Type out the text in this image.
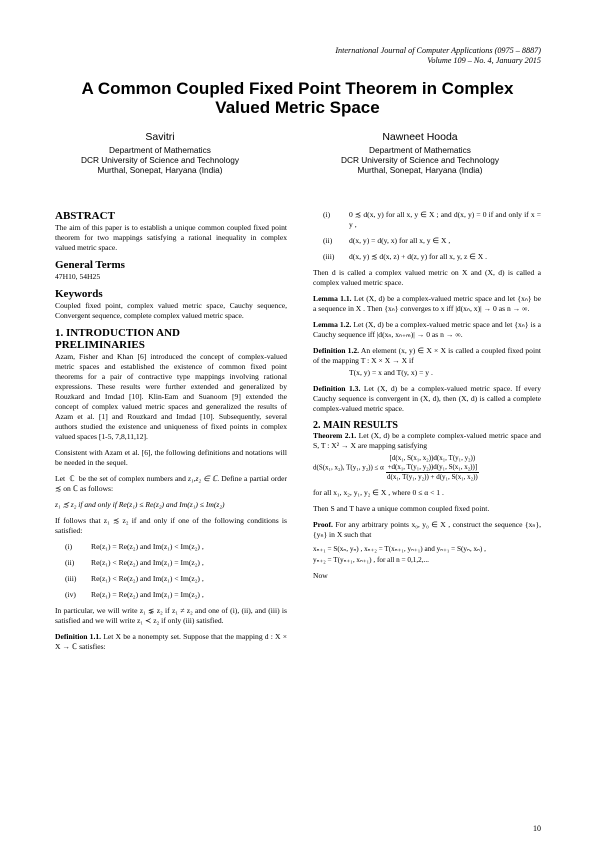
International Journal of Computer Applications (0975 – 8887)
Volume 109 – No. 4, January 2015
A Common Coupled Fixed Point Theorem in Complex
Valued Metric Space
Savitri
Department of Mathematics
DCR University of Science and Technology
Murthal, Sonepat, Haryana (India)
Nawneet Hooda
Department of Mathematics
DCR University of Science and Technology
Murthal, Sonepat, Haryana (India)
ABSTRACT

The aim of this paper is to establish a unique common coupled fixed point theorem for two mappings satisfying a rational inequality in complex valued metric space.

General Terms

47H10, 54H25

Keywords

Coupled fixed point, complex valued metric space, Cauchy sequence, Convergent sequence, complete complex valued metric space.

1. INTRODUCTION AND
PRELIMINARIES

Azam, Fisher and Khan [6] introduced the concept of complex-valued metric spaces and established the existence of common fixed point theorems for a pair of contractive type mappings involving rational expressions. These results were further extended and generalized by Rouzkard and Imdad [10]. Klin-Eam and Suanoom [9] extended the concept of complex valued metric spaces and generalized the results of Azam et al. [1] and Rouzkard and Imdad [10]. Subsequently, several authors studied the existence and uniqueness of fixed points in complex valued spaces [1-5, 7,8,11,12].

Consistent with Azam et al. [6], the following definitions and notations will be needed in the sequel.

Let  ℂ  be the set of complex numbers and z₁,z₂ ∈ ℂ. Define a partial order ≾ on ℂ as follows:

z₁ ≾ z₂ if and only if Re(z₁) ≤ Re(z₂) and Im(z₁) ≤ Im(z₂)

If follows that z₁ ≾ z₂ if and only if one of the following conditions is satisfied:

(i)	Re(z₁) = Re(z₂) and Im(z₁) < Im(z₂) ,
(ii)	Re(z₁) < Re(z₂) and Im(z₁) = Im(z₂) ,
(iii)	Re(z₁) < Re(z₂) and Im(z₁) < Im(z₂) ,
(iv)	Re(z₁) = Re(z₂) and Im(z₁) = Im(z₂) ,

In particular, we will write z₁ ⋦ z₂ if z₁ ≠ z₂ and one of (i), (ii), and (iii) is satisfied and we will write z₁ ≺ z₂ if only (iii) satisfied.

Definition 1.1. Let X be a nonempty set. Suppose that the mapping d : X × X → ℂ satisfies:

(i)	0 ≾ d(x, y) for all x, y ∈ X ; and d(x, y) = 0 if and only if x = y ,
(ii)	d(x, y) = d(y, x) for all x, y ∈ X ,
(iii)	d(x, y) ≾ d(x, z) + d(z, y) for all x, y, z ∈ X .

Then d is called a complex valued metric on X and (X, d) is called a complex valued metric space.

Lemma 1.1. Let (X, d) be a complex-valued metric space and let {xₙ} be a sequence in X . Then {xₙ} converges to x iff |d(xₙ, x)| → 0 as n → ∞.

Lemma 1.2. Let (X, d) be a complex-valued metric space and let {xₙ} is a Cauchy sequence iff |d(xₙ, xₙ₊ₘ)| → 0 as n → ∞.

Definition 1.2. An element (x, y) ∈ X × X is called a coupled fixed point of the mapping T : X × X → X if

T(x, y) = x and T(y, x) = y .

Definition 1.3. Let (X, d) be a complex-valued metric space. If every Cauchy sequence is convergent in (X, d), then (X, d) is called a complete complex-valued metric space.

2. MAIN RESULTS

Theorem 2.1. Let (X, d) be a complete complex-valued metric space and S, T : X² → X are mapping satisfying

d(S(x₁, x₂), T(y₁, y₂)) ≤ α
[d(x₁, S(x₁, x₂))d(x₁, T(y₁, y₂))
+d(x₁, T(y₁, y₂))d(y₁, S(x₁, x₂))]
d(x₁, T(y₁, y₂)) + d(y₁, S(x₁, x₂))

for all x₁, x₂, y₁, y₂ ∈ X , where 0 ≤ α < 1 .

Then S and T have a unique common coupled fixed point.

Proof. For any arbitrary points x₀, y₀ ∈ X , construct the sequence {xₙ}, {yₙ} in X such that

xₙ₊₁ = S(xₙ, yₙ) , xₙ₊₂ = T(xₙ₊₁, yₙ₊₁) and yₙ₊₁ = S(yₙ, xₙ) ,
yₙ₊₂ = T(yₙ₊₁, xₙ₊₁) , for all n = 0,1,2,...

Now

10
